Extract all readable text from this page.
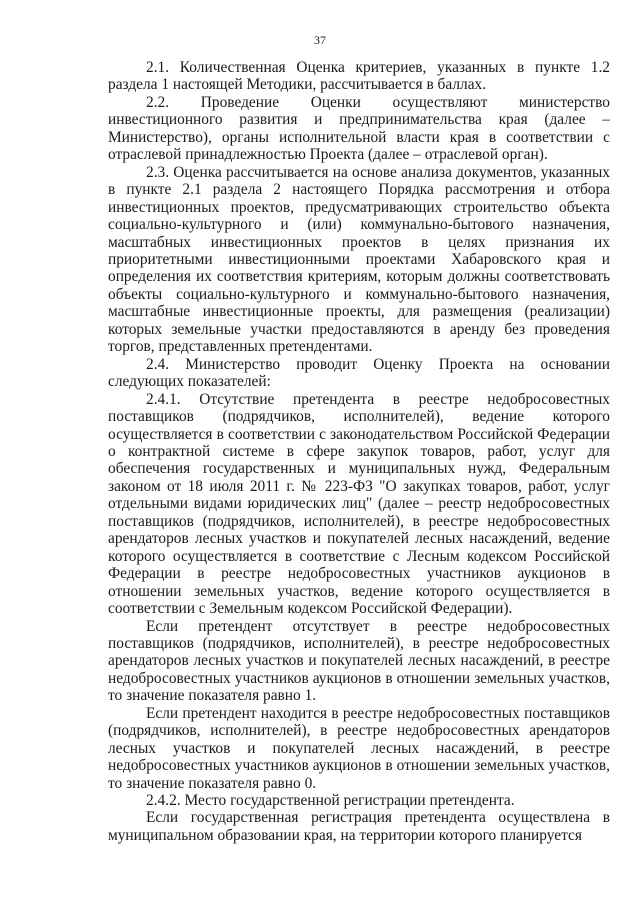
37

2.1. Количественная Оценка критериев, указанных в пункте 1.2 раздела 1 настоящей Методики, рассчитывается в баллах.

2.2. Проведение Оценки осуществляют министерство инвестиционного развития и предпринимательства края (далее – Министерство), органы исполнительной власти края в соответствии с отраслевой принадлежностью Проекта (далее – отраслевой орган).

2.3. Оценка рассчитывается на основе анализа документов, указанных в пункте 2.1 раздела 2 настоящего Порядка рассмотрения и отбора инвестиционных проектов, предусматривающих строительство объекта социально-культурного и (или) коммунально-бытового назначения, масштабных инвестиционных проектов в целях признания их приоритетными инвестиционными проектами Хабаровского края и определения их соответствия критериям, которым должны соответствовать объекты социально-культурного и коммунально-бытового назначения, масштабные инвестиционные проекты, для размещения (реализации) которых земельные участки предоставляются в аренду без проведения торгов, представленных претендентами.

2.4. Министерство проводит Оценку Проекта на основании следующих показателей:

2.4.1. Отсутствие претендента в реестре недобросовестных поставщиков (подрядчиков, исполнителей), ведение которого осуществляется в соответствии с законодательством Российской Федерации о контрактной системе в сфере закупок товаров, работ, услуг для обеспечения государственных и муниципальных нужд, Федеральным законом от 18 июля 2011 г. № 223-ФЗ "О закупках товаров, работ, услуг отдельными видами юридических лиц" (далее – реестр недобросовестных поставщиков (подрядчиков, исполнителей), в реестре недобросовестных арендаторов лесных участков и покупателей лесных насаждений, ведение которого осуществляется в соответствие с Лесным кодексом Российской Федерации в реестре недобросовестных участников аукционов в отношении земельных участков, ведение которого осуществляется в соответствии с Земельным кодексом Российской Федерации).

Если претендент отсутствует в реестре недобросовестных поставщиков (подрядчиков, исполнителей), в реестре недобросовестных арендаторов лесных участков и покупателей лесных насаждений, в реестре недобросовестных участников аукционов в отношении земельных участков, то значение показателя равно 1.

Если претендент находится в реестре недобросовестных поставщиков (подрядчиков, исполнителей), в реестре недобросовестных арендаторов лесных участков и покупателей лесных насаждений, в реестре недобросовестных участников аукционов в отношении земельных участков, то значение показателя равно 0.

2.4.2. Место государственной регистрации претендента.

Если государственная регистрация претендента осуществлена в муниципальном образовании края, на территории которого планируется
